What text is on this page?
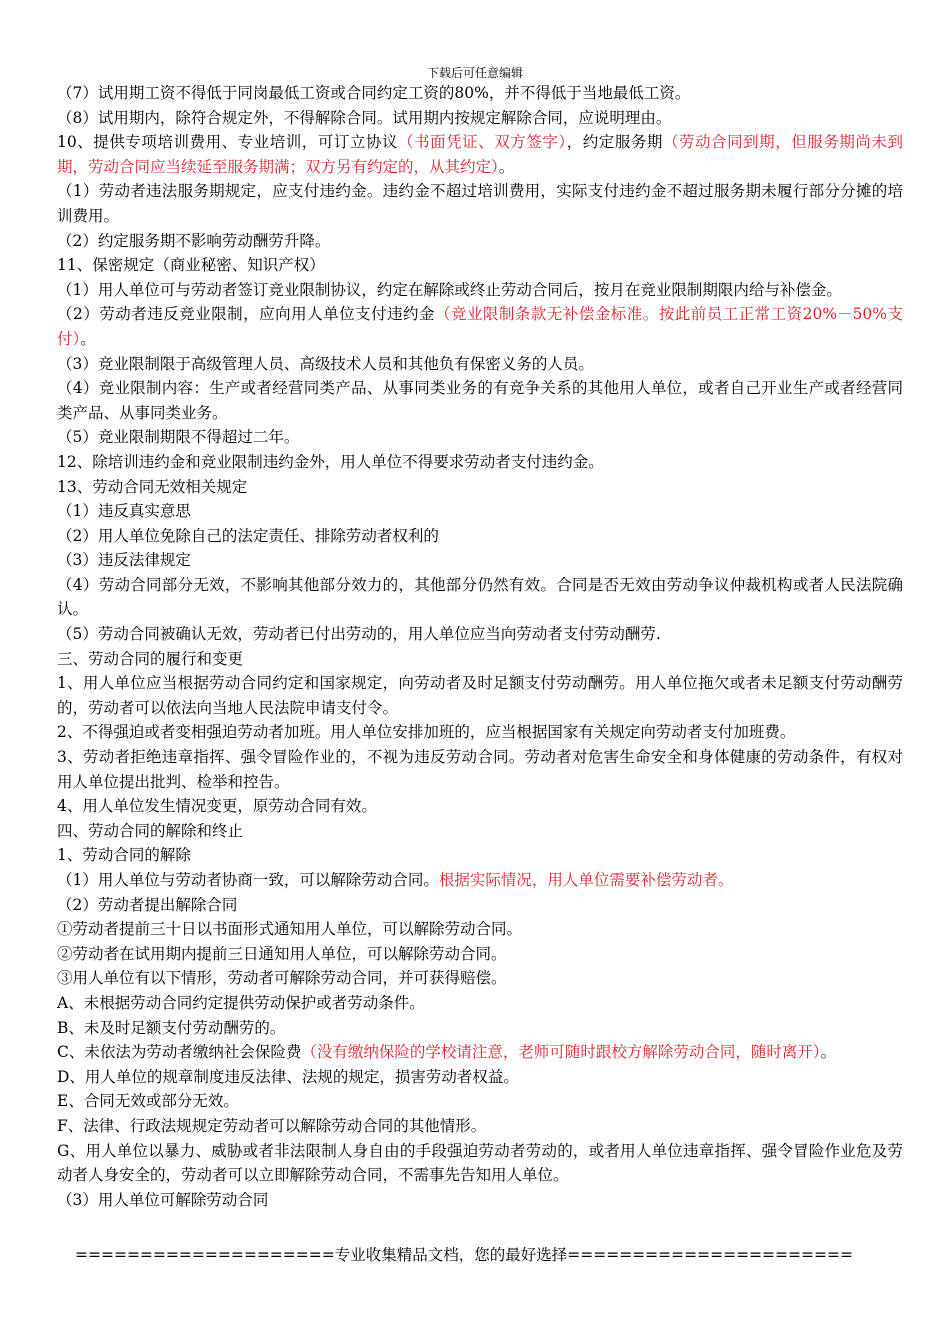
下载后可任意编辑

（7）试用期工资不得低于同岗最低工资或合同约定工资的80%，并不得低于当地最低工资。

（8）试用期内，除符合规定外，不得解除合同。试用期内按规定解除合同，应说明理由。

10、提供专项培训费用、专业培训，可订立协议（书面凭证、双方签字），约定服务期（劳动合同到期，但服务期尚未到期，劳动合同应当续延至服务期满；双方另有约定的，从其约定）。

（1）劳动者违法服务期规定，应支付违约金。违约金不超过培训费用，实际支付违约金不超过服务期未履行部分分摊的培训费用。

（2）约定服务期不影响劳动酬劳升降。

11、保密规定（商业秘密、知识产权）

（1）用人单位可与劳动者签订竞业限制协议，约定在解除或终止劳动合同后，按月在竞业限制期限内给与补偿金。

（2）劳动者违反竞业限制，应向用人单位支付违约金（竞业限制条款无补偿金标准。按此前员工正常工资20%－50%支付）。

（3）竞业限制限于高级管理人员、高级技术人员和其他负有保密义务的人员。

（4）竞业限制内容：生产或者经营同类产品、从事同类业务的有竞争关系的其他用人单位，或者自己开业生产或者经营同类产品、从事同类业务。

（5）竞业限制期限不得超过二年。

12、除培训违约金和竞业限制违约金外，用人单位不得要求劳动者支付违约金。

13、劳动合同无效相关规定

（1）违反真实意思

（2）用人单位免除自己的法定责任、排除劳动者权利的

（3）违反法律规定

（4）劳动合同部分无效，不影响其他部分效力的，其他部分仍然有效。合同是否无效由劳动争议仲裁机构或者人民法院确认。

（5）劳动合同被确认无效，劳动者已付出劳动的，用人单位应当向劳动者支付劳动酬劳.

三、劳动合同的履行和变更

1、用人单位应当根据劳动合同约定和国家规定，向劳动者及时足额支付劳动酬劳。用人单位拖欠或者未足额支付劳动酬劳的，劳动者可以依法向当地人民法院申请支付令。

2、不得强迫或者变相强迫劳动者加班。用人单位安排加班的，应当根据国家有关规定向劳动者支付加班费。

3、劳动者拒绝违章指挥、强令冒险作业的，不视为违反劳动合同。劳动者对危害生命安全和身体健康的劳动条件，有权对用人单位提出批判、检举和控告。

4、用人单位发生情况变更，原劳动合同有效。

四、劳动合同的解除和终止

1、劳动合同的解除

（1）用人单位与劳动者协商一致，可以解除劳动合同。根据实际情况，用人单位需要补偿劳动者。

（2）劳动者提出解除合同

①劳动者提前三十日以书面形式通知用人单位，可以解除劳动合同。

②劳动者在试用期内提前三日通知用人单位，可以解除劳动合同。

③用人单位有以下情形，劳动者可解除劳动合同，并可获得赔偿。

A、未根据劳动合同约定提供劳动保护或者劳动条件。

B、未及时足额支付劳动酬劳的。

C、未依法为劳动者缴纳社会保险费（没有缴纳保险的学校请注意，老师可随时跟校方解除劳动合同，随时离开）。

D、用人单位的规章制度违反法律、法规的规定，损害劳动者权益。

E、合同无效或部分无效。

F、法律、行政法规规定劳动者可以解除劳动合同的其他情形。

G、用人单位以暴力、威胁或者非法限制人身自由的手段强迫劳动者劳动的，或者用人单位违章指挥、强令冒险作业危及劳动者人身安全的，劳动者可以立即解除劳动合同，不需事先告知用人单位。

（3）用人单位可解除劳动合同

====================专业收集精品文档，您的最好选择======================
